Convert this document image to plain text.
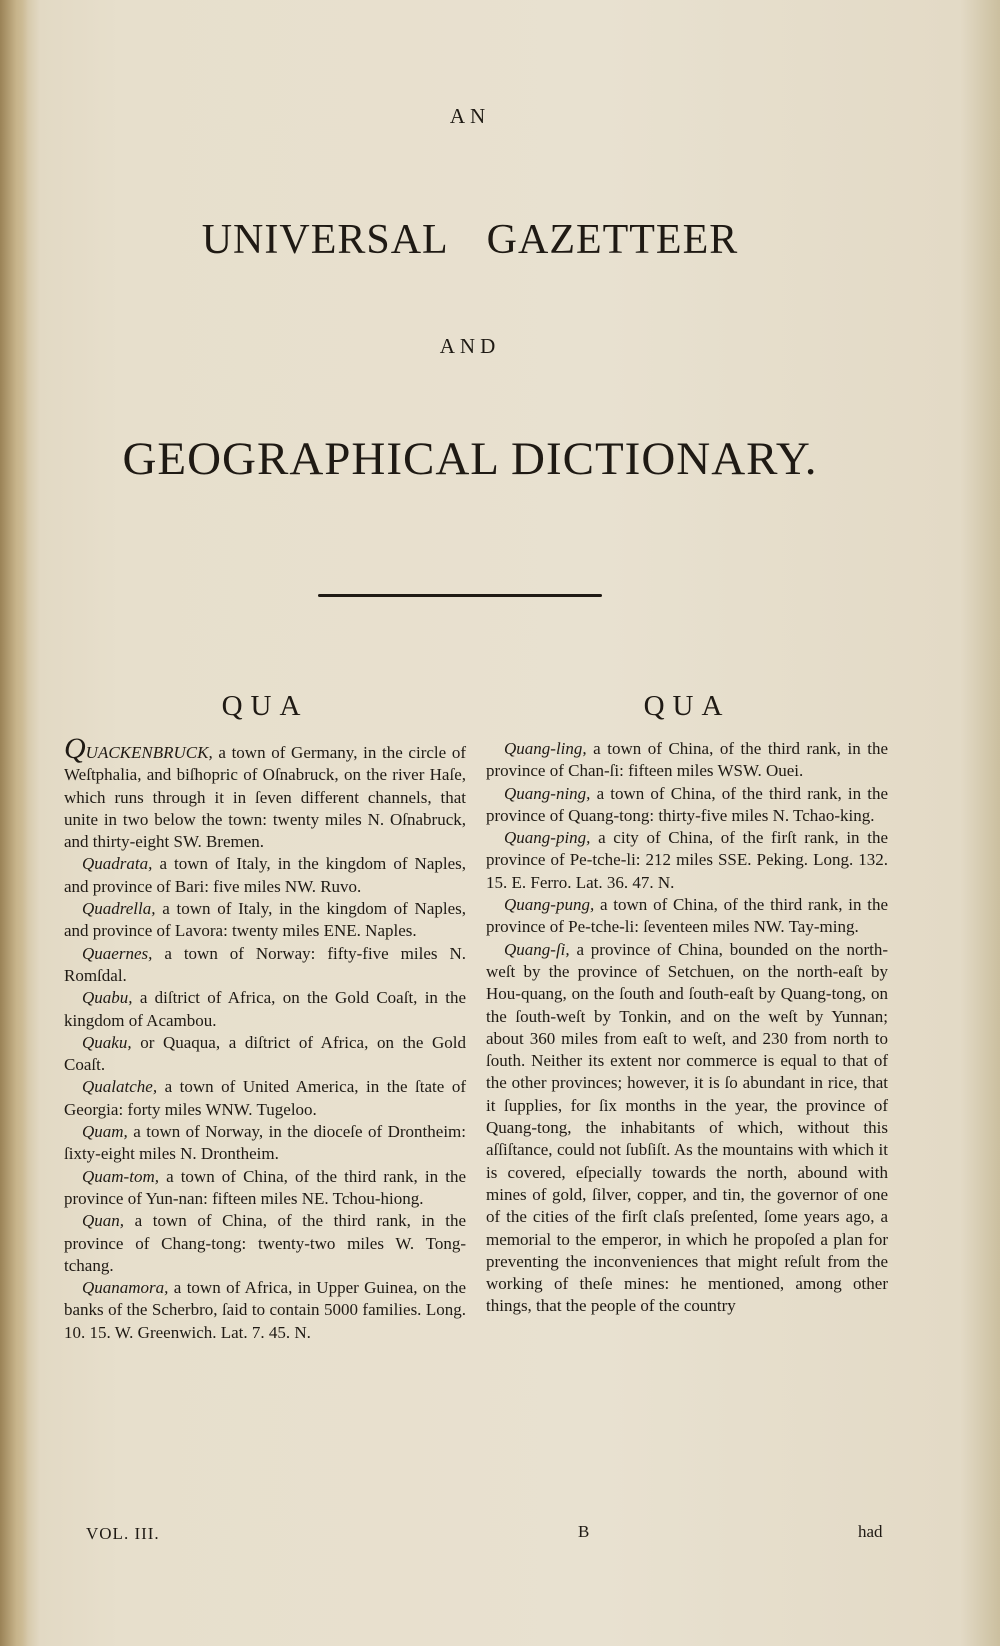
AN

UNIVERSAL GAZETTEER

AND

GEOGRAPHICAL DICTIONARY.
QUA

QUACKENBRUCK, a town of Germany, in the circle of Weſtphalia, and biſhopric of Oſnabruck, on the river Haſe, which runs through it in ſeven different channels, that unite in two below the town: twenty miles N. Oſnabruck, and thirty-eight SW. Bremen.

Quadrata, a town of Italy, in the kingdom of Naples, and province of Bari: five miles NW. Ruvo.

Quadrella, a town of Italy, in the kingdom of Naples, and province of Lavora: twenty miles ENE. Naples.

Quaernes, a town of Norway: fifty-five miles N. Romſdal.

Quabu, a diſtrict of Africa, on the Gold Coaſt, in the kingdom of Acambou.

Quaku, or Quaqua, a diſtrict of Africa, on the Gold Coaſt.

Qualatche, a town of United America, in the ſtate of Georgia: forty miles WNW. Tugeloo.

Quam, a town of Norway, in the dioceſe of Drontheim: ſixty-eight miles N. Drontheim.

Quam-tom, a town of China, of the third rank, in the province of Yun-nan: fifteen miles NE. Tchou-hiong.

Quan, a town of China, of the third rank, in the province of Chang-tong: twenty-two miles W. Tong-tchang.

Quanamora, a town of Africa, in Upper Guinea, on the banks of the Scherbro, ſaid to contain 5000 families. Long. 10. 15. W. Greenwich. Lat. 7. 45. N.

QUA

Quang-ling, a town of China, of the third rank, in the province of Chan-ſi: fifteen miles WSW. Ouei.

Quang-ning, a town of China, of the third rank, in the province of Quang-tong: thirty-five miles N. Tchao-king.

Quang-ping, a city of China, of the firſt rank, in the province of Pe-tche-li: 212 miles SSE. Peking. Long. 132. 15. E. Ferro. Lat. 36. 47. N.

Quang-pung, a town of China, of the third rank, in the province of Pe-tche-li: ſeventeen miles NW. Tay-ming.

Quang-ſi, a province of China, bounded on the north-weſt by the province of Setchuen, on the north-eaſt by Hou-quang, on the ſouth and ſouth-eaſt by Quang-tong, on the ſouth-weſt by Tonkin, and on the weſt by Yunnan; about 360 miles from eaſt to weſt, and 230 from north to ſouth. Neither its extent nor commerce is equal to that of the other provinces; however, it is ſo abundant in rice, that it ſupplies, for ſix months in the year, the province of Quang-tong, the inhabitants of which, without this aſſiſtance, could not ſubſiſt. As the mountains with which it is covered, eſpecially towards the north, abound with mines of gold, ſilver, copper, and tin, the governor of one of the cities of the firſt claſs preſented, ſome years ago, a memorial to the emperor, in which he propoſed a plan for preventing the inconveniences that might reſult from the working of theſe mines: he mentioned, among other things, that the people of the country

VOL. III.	B	had
